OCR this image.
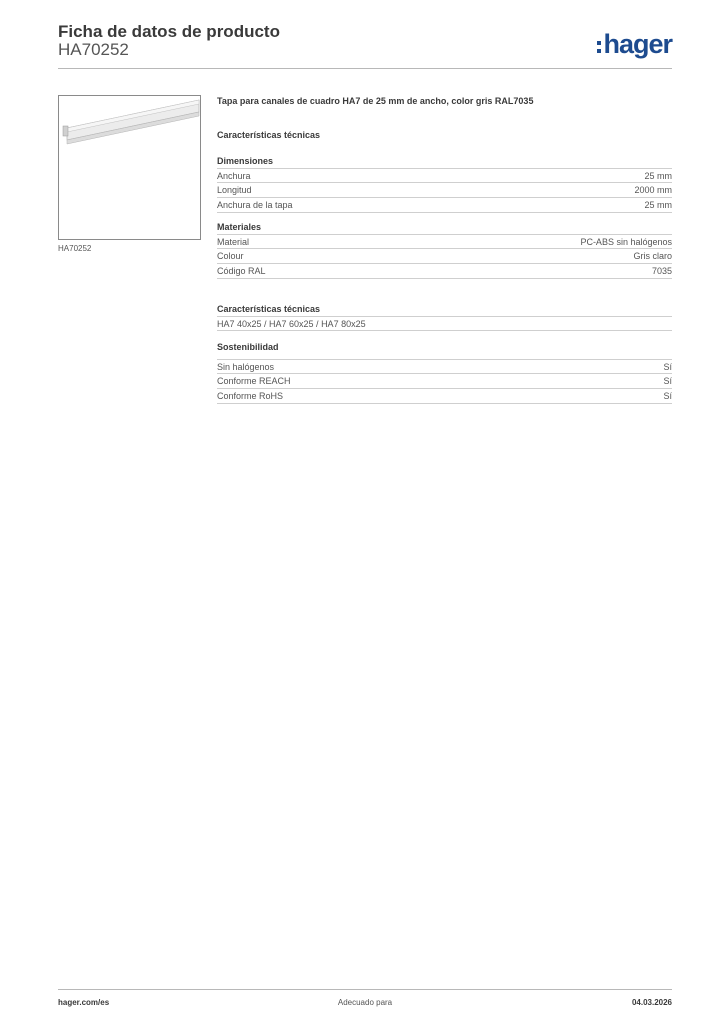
Ficha de datos de producto
HA70252	hager
HA70252
Tapa para canales de cuadro HA7 de 25 mm de ancho, color gris RAL7035
Características técnicas
Dimensiones
Anchura	25 mm
Longitud	2000 mm
Anchura de la tapa	25 mm
Materiales
Material	PC-ABS sin halógenos
Colour	Gris claro
Código RAL	7035
Características técnicas
HA7 40x25 / HA7 60x25 / HA7 80x25
Sostenibilidad
Sin halógenos	Sí
Conforme REACH	Sí
Conforme RoHS	Sí
Adecuado para
hager.com/es	04.03.2026
